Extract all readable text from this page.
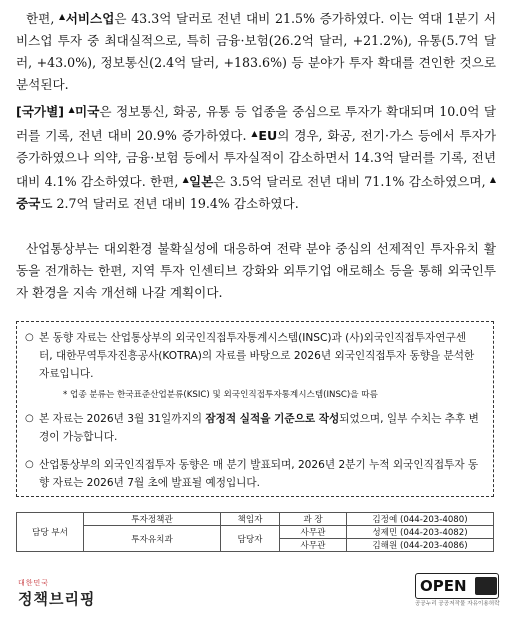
한편, ▲서비스업은 43.3억 달러로 전년 대비 21.5% 증가하였다. 이는 역대 1분기 서비스업 투자 중 최대실적으로, 특히 금융·보험(26.2억 달러, +21.2%), 유통(5.7억 달러, +43.0%), 정보통신(2.4억 달러, +183.6%) 등 분야가 투자 확대를 견인한 것으로 분석된다.
[국가별] ▲미국은 정보통신, 화공, 유통 등 업종을 중심으로 투자가 확대되며 10.0억 달러를 기록, 전년 대비 20.9% 증가하였다. ▲EU의 경우, 화공, 전기·가스 등에서 투자가 증가하였으나 의약, 금융·보험 등에서 투자실적이 감소하면서 14.3억 달러를 기록, 전년 대비 4.1% 감소하였다. 한편, ▲일본은 3.5억 달러로 전년 대비 71.1% 감소하였으며, ▲중국도 2.7억 달러로 전년 대비 19.4% 감소하였다.
산업통상부는 대외환경 불확실성에 대응하여 전략 분야 중심의 선제적인 투자유치 활동을 전개하는 한편, 지역 투자 인센티브 강화와 외투기업 애로해소 등을 통해 외국인투자 환경을 지속 개선해 나갈 계획이다.
○ 본 동향 자료는 산업통상부의 외국인직접투자통계시스템(INSC)과 (사)외국인직접투자연구센터, 대한무역투자진흥공사(KOTRA)의 자료를 바탕으로 2026년 외국인직접투자 동향을 분석한 자료입니다.
* 업종 분류는 한국표준산업분류(KSIC) 및 외국인직접투자통계시스템(INSC)을 따름
○ 본 자료는 2026년 3월 31일까지의 잠정적 실적을 기준으로 작성되었으며, 일부 수치는 추후 변경이 가능합니다.
○ 산업통상부의 외국인직접투자 동향은 매 분기 발표되며, 2026년 2분기 누적 외국인직접투자 동향 자료는 2026년 7월 초에 발표될 예정입니다.
담당 부서	투자정책관	책임자	과 장	김정예 (044-203-4080)
	투자유치과	담당자	사무관	성제민 (044-203-4082)
			사무관	김해원 (044-203-4086)
대한민국
정책브리핑
OPEN
공공누리 공공저작물 자유이용허락
